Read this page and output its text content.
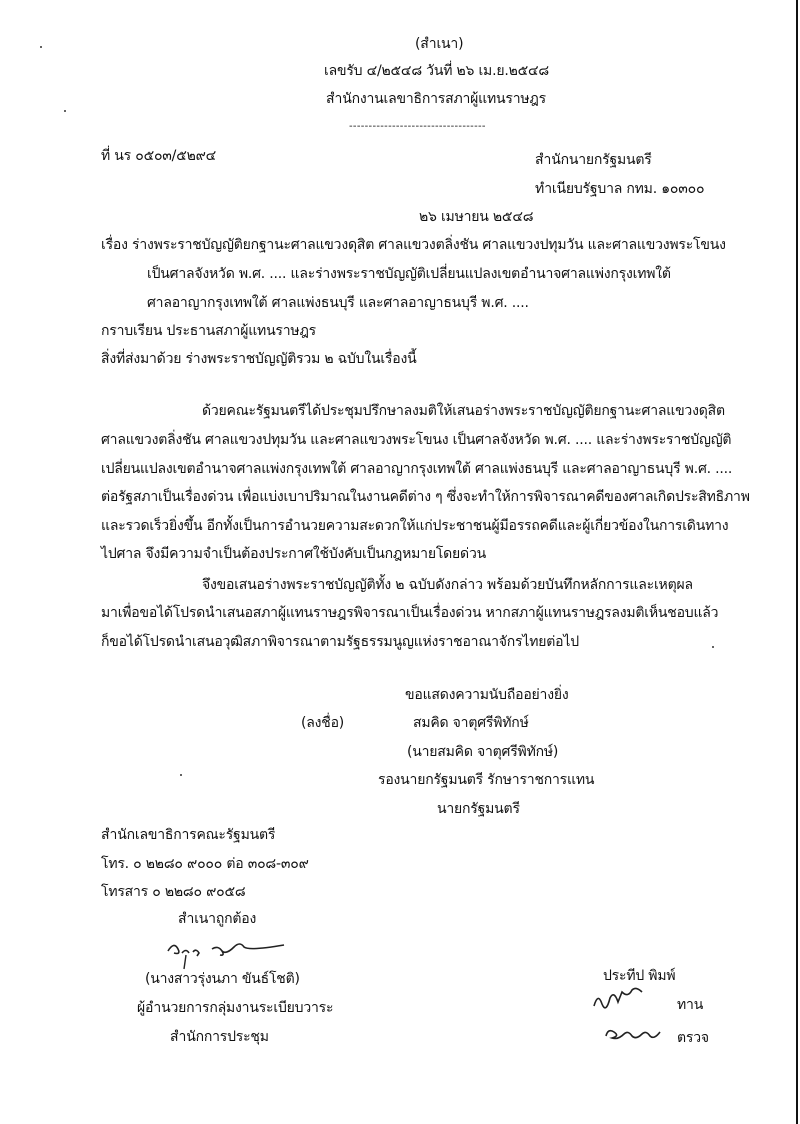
(สำเนา)
เลขรับ ๔/๒๕๔๘ วันที่ ๒๖ เม.ย.๒๕๔๘
สำนักงานเลขาธิการสภาผู้แทนราษฎร
-----------------------------------
ที่ นร ๐๕๐๓/๕๒๙๔	สำนักนายกรัฐมนตรี
ทำเนียบรัฐบาล กทม. ๑๐๓๐๐
๒๖ เมษายน ๒๕๔๘
เรื่อง ร่างพระราชบัญญัติยกฐานะศาลแขวงดุสิต ศาลแขวงตลิ่งชัน ศาลแขวงปทุมวัน และศาลแขวงพระโขนง
เป็นศาลจังหวัด พ.ศ. .... และร่างพระราชบัญญัติเปลี่ยนแปลงเขตอำนาจศาลแพ่งกรุงเทพใต้
ศาลอาญากรุงเทพใต้ ศาลแพ่งธนบุรี และศาลอาญาธนบุรี พ.ศ. ....
กราบเรียน ประธานสภาผู้แทนราษฎร
สิ่งที่ส่งมาด้วย ร่างพระราชบัญญัติรวม ๒ ฉบับในเรื่องนี้
ด้วยคณะรัฐมนตรีได้ประชุมปรึกษาลงมติให้เสนอร่างพระราชบัญญัติยกฐานะศาลแขวงดุสิต
ศาลแขวงตลิ่งชัน ศาลแขวงปทุมวัน และศาลแขวงพระโขนง เป็นศาลจังหวัด พ.ศ. .... และร่างพระราชบัญญัติ
เปลี่ยนแปลงเขตอำนาจศาลแพ่งกรุงเทพใต้ ศาลอาญากรุงเทพใต้ ศาลแพ่งธนบุรี และศาลอาญาธนบุรี พ.ศ. ....
ต่อรัฐสภาเป็นเรื่องด่วน เพื่อแบ่งเบาปริมาณในงานคดีต่าง ๆ ซึ่งจะทำให้การพิจารณาคดีของศาลเกิดประสิทธิภาพ
และรวดเร็วยิ่งขึ้น อีกทั้งเป็นการอำนวยความสะดวกให้แก่ประชาชนผู้มีอรรถคดีและผู้เกี่ยวข้องในการเดินทาง
ไปศาล จึงมีความจำเป็นต้องประกาศใช้บังคับเป็นกฎหมายโดยด่วน
จึงขอเสนอร่างพระราชบัญญัติทั้ง ๒ ฉบับดังกล่าว พร้อมด้วยบันทึกหลักการและเหตุผล
มาเพื่อขอได้โปรดนำเสนอสภาผู้แทนราษฎรพิจารณาเป็นเรื่องด่วน หากสภาผู้แทนราษฎรลงมติเห็นชอบแล้ว
ก็ขอได้โปรดนำเสนอวุฒิสภาพิจารณาตามรัฐธรรมนูญแห่งราชอาณาจักรไทยต่อไป
ขอแสดงความนับถืออย่างยิ่ง
(ลงชื่อ)	สมคิด จาตุศรีพิทักษ์
(นายสมคิด จาตุศรีพิทักษ์)
รองนายกรัฐมนตรี รักษาราชการแทน
นายกรัฐมนตรี
สำนักเลขาธิการคณะรัฐมนตรี
โทร. ๐ ๒๒๘๐ ๙๐๐๐ ต่อ ๓๐๘-๓๐๙
โทรสาร ๐ ๒๒๘๐ ๙๐๕๘
สำเนาถูกต้อง
(นางสาวรุ่งนภา ขันธ์โชติ)
ผู้อำนวยการกลุ่มงานระเบียบวาระ
สำนักการประชุม
ประทีป พิมพ์
ทาน
ตรวจ
